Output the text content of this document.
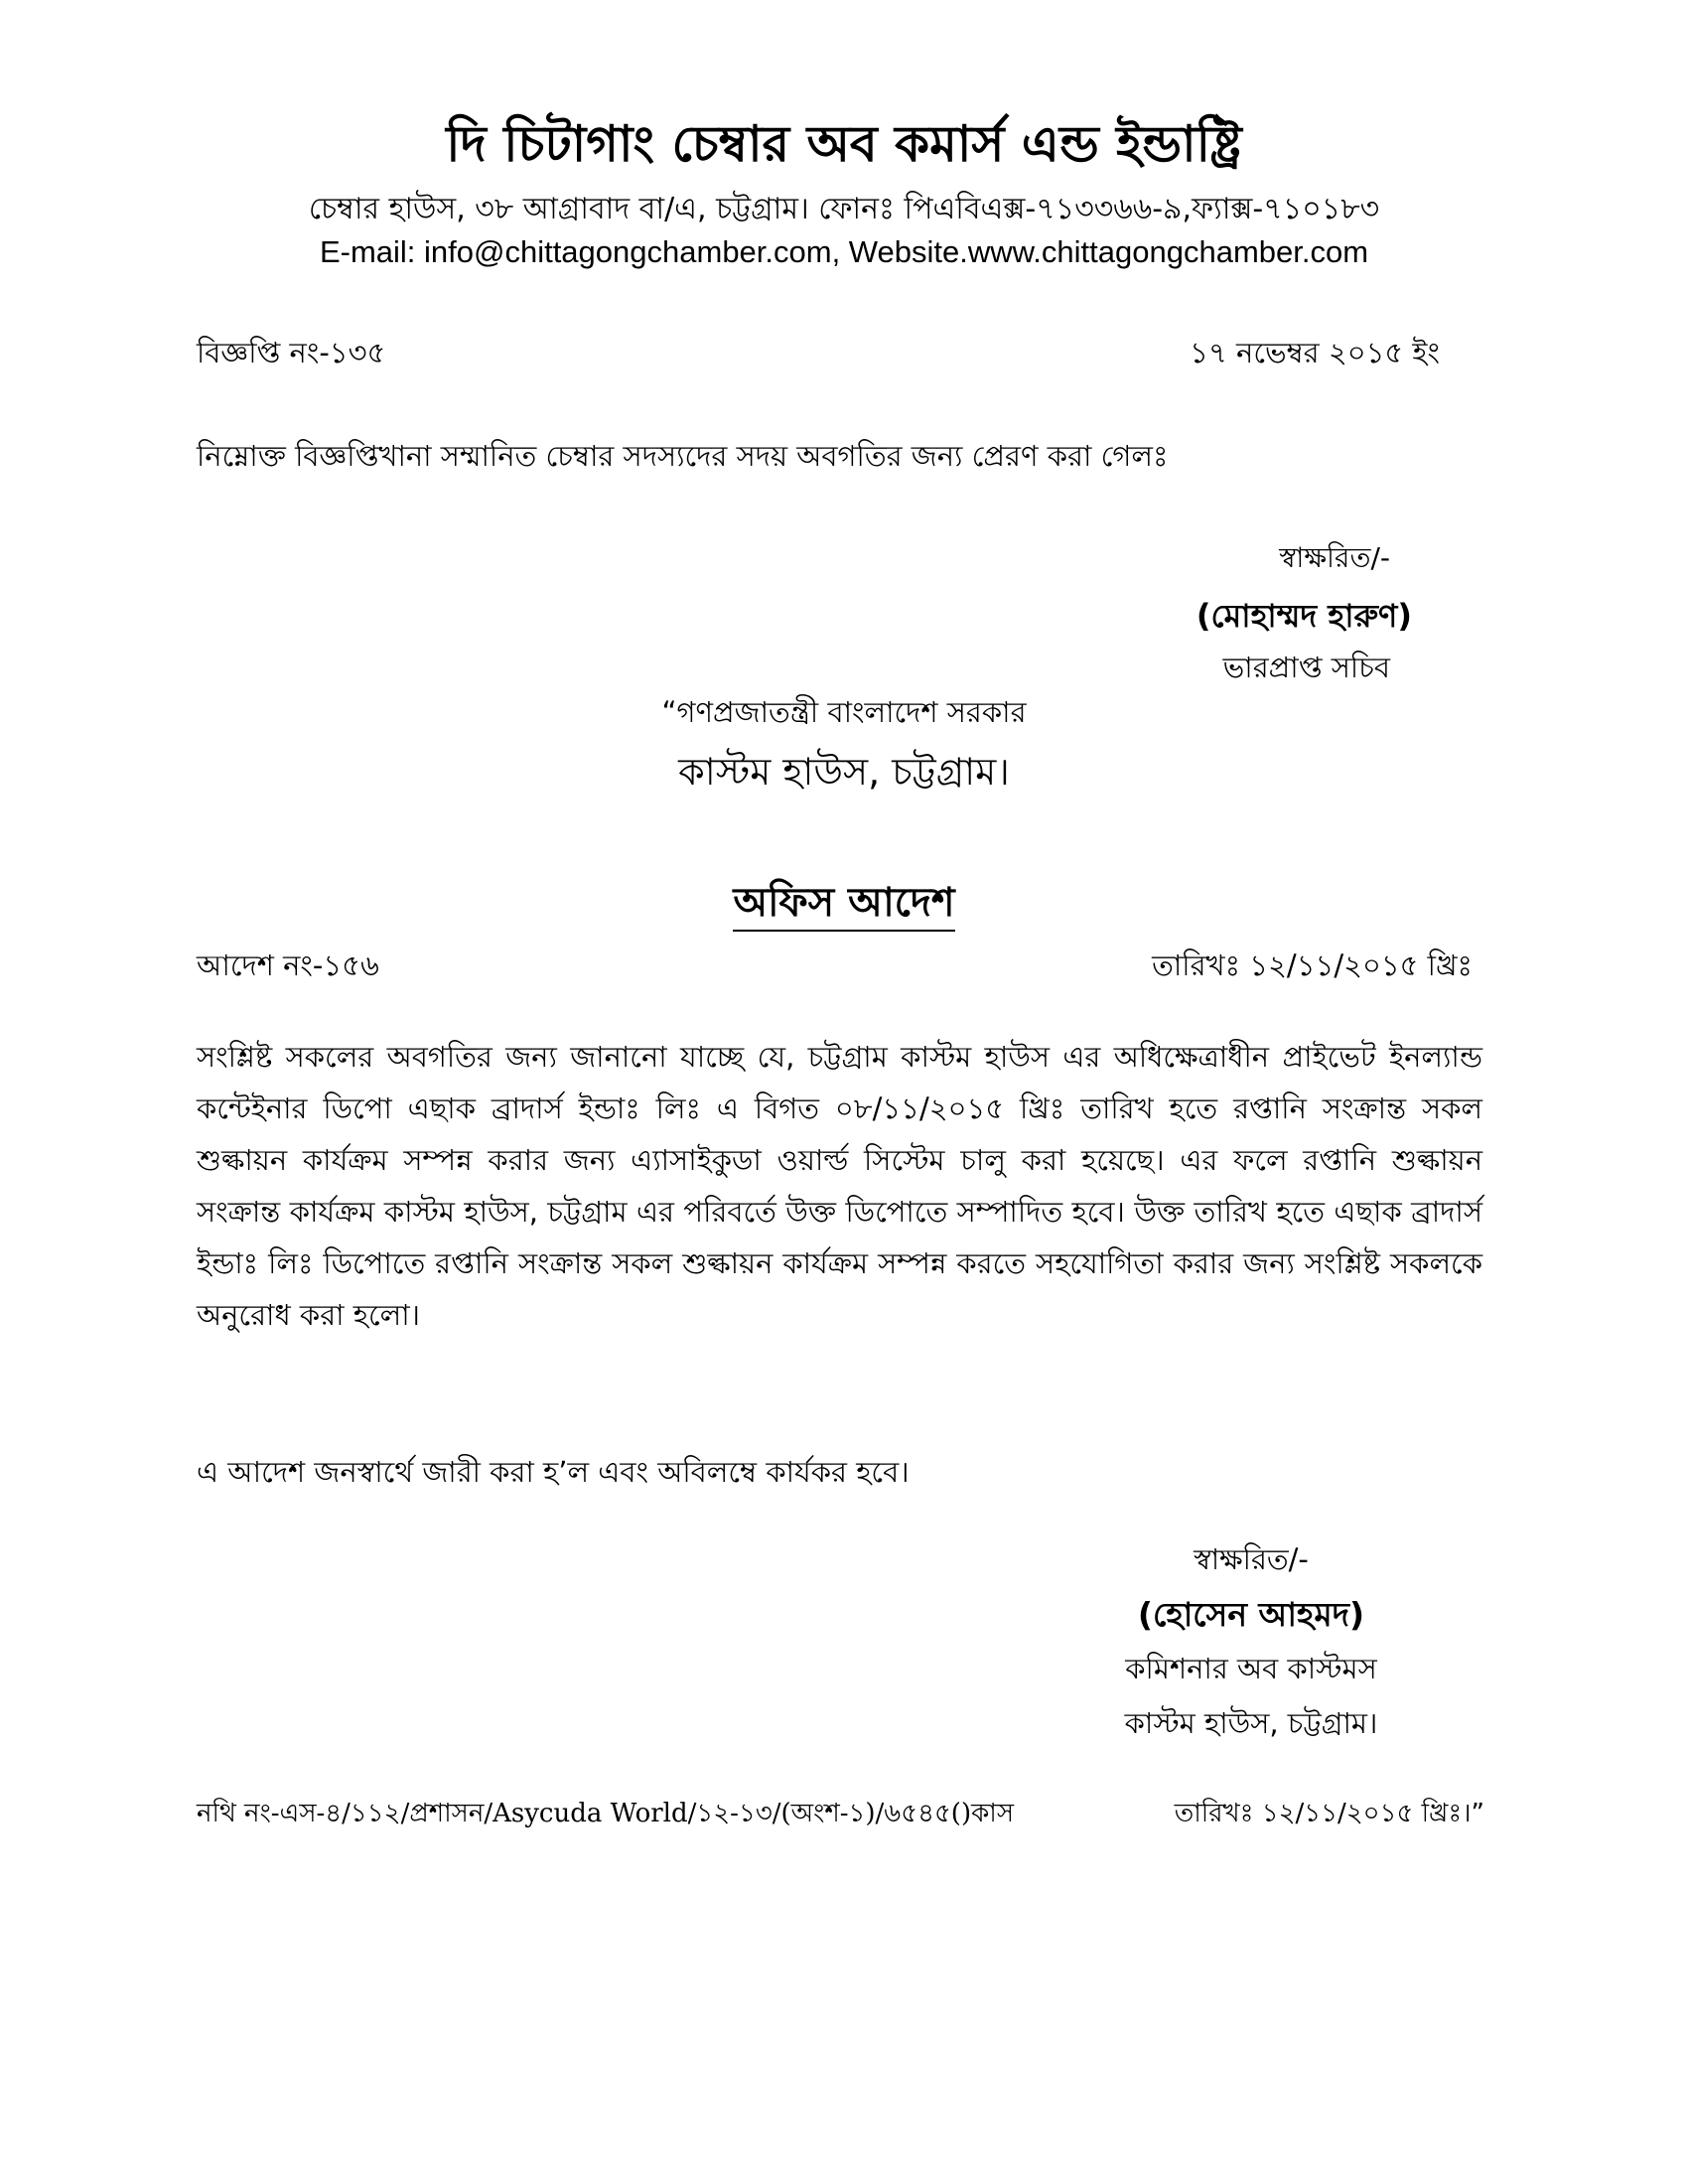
দি চিটাগাং চেম্বার অব কমার্স এন্ড ইন্ডাষ্ট্রি
চেম্বার হাউস, ৩৮ আগ্রাবাদ বা/এ, চট্টগ্রাম। ফোনঃ পিএবিএক্স-৭১৩৩৬৬-৯,ফ্যাক্স-৭১০১৮৩
E-mail: info@chittagongchamber.com, Website.www.chittagongchamber.com
বিজ্ঞপ্তি নং-১৩৫	১৭ নভেম্বর ২০১৫ ইং
নিম্নোক্ত বিজ্ঞপ্তিখানা সম্মানিত চেম্বার সদস্যদের সদয় অবগতির জন্য প্রেরণ করা গেলঃ
স্বাক্ষরিত/-
(মোহাম্মদ হারুণ)
ভারপ্রাপ্ত সচিব
“গণপ্রজাতন্ত্রী বাংলাদেশ সরকার
কাস্টম হাউস, চট্টগ্রাম।
অফিস আদেশ
আদেশ নং-১৫৬	তারিখঃ ১২/১১/২০১৫ খ্রিঃ
সংশ্লিষ্ট সকলের অবগতির জন্য জানানো যাচ্ছে যে, চট্টগ্রাম কাস্টম হাউস এর অধিক্ষেত্রাধীন প্রাইভেট ইনল্যান্ড কন্টেইনার ডিপো এছাক ব্রাদার্স ইন্ডাঃ লিঃ এ বিগত ০৮/১১/২০১৫ খ্রিঃ তারিখ হতে রপ্তানি সংক্রান্ত সকল শুল্কায়ন কার্যক্রম সম্পন্ন করার জন্য এ্যাসাইকুডা ওয়ার্ল্ড সিস্টেম চালু করা হয়েছে। এর ফলে রপ্তানি শুল্কায়ন সংক্রান্ত কার্যক্রম কাস্টম হাউস, চট্টগ্রাম এর পরিবর্তে উক্ত ডিপোতে সম্পাদিত হবে। উক্ত তারিখ হতে এছাক ব্রাদার্স ইন্ডাঃ লিঃ ডিপোতে রপ্তানি সংক্রান্ত সকল শুল্কায়ন কার্যক্রম সম্পন্ন করতে সহযোগিতা করার জন্য সংশ্লিষ্ট সকলকে অনুরোধ করা হলো।
এ আদেশ জনস্বার্থে জারী করা হ’ল এবং অবিলম্বে কার্যকর হবে।
স্বাক্ষরিত/-
(হোসেন আহমদ)
কমিশনার অব কাস্টমস
কাস্টম হাউস, চট্টগ্রাম।
নথি নং-এস-৪/১১২/প্রশাসন/Asycuda World/১২-১৩/(অংশ-১)/৬৫৪৫()কাস	তারিখঃ ১২/১১/২০১৫ খ্রিঃ।”
